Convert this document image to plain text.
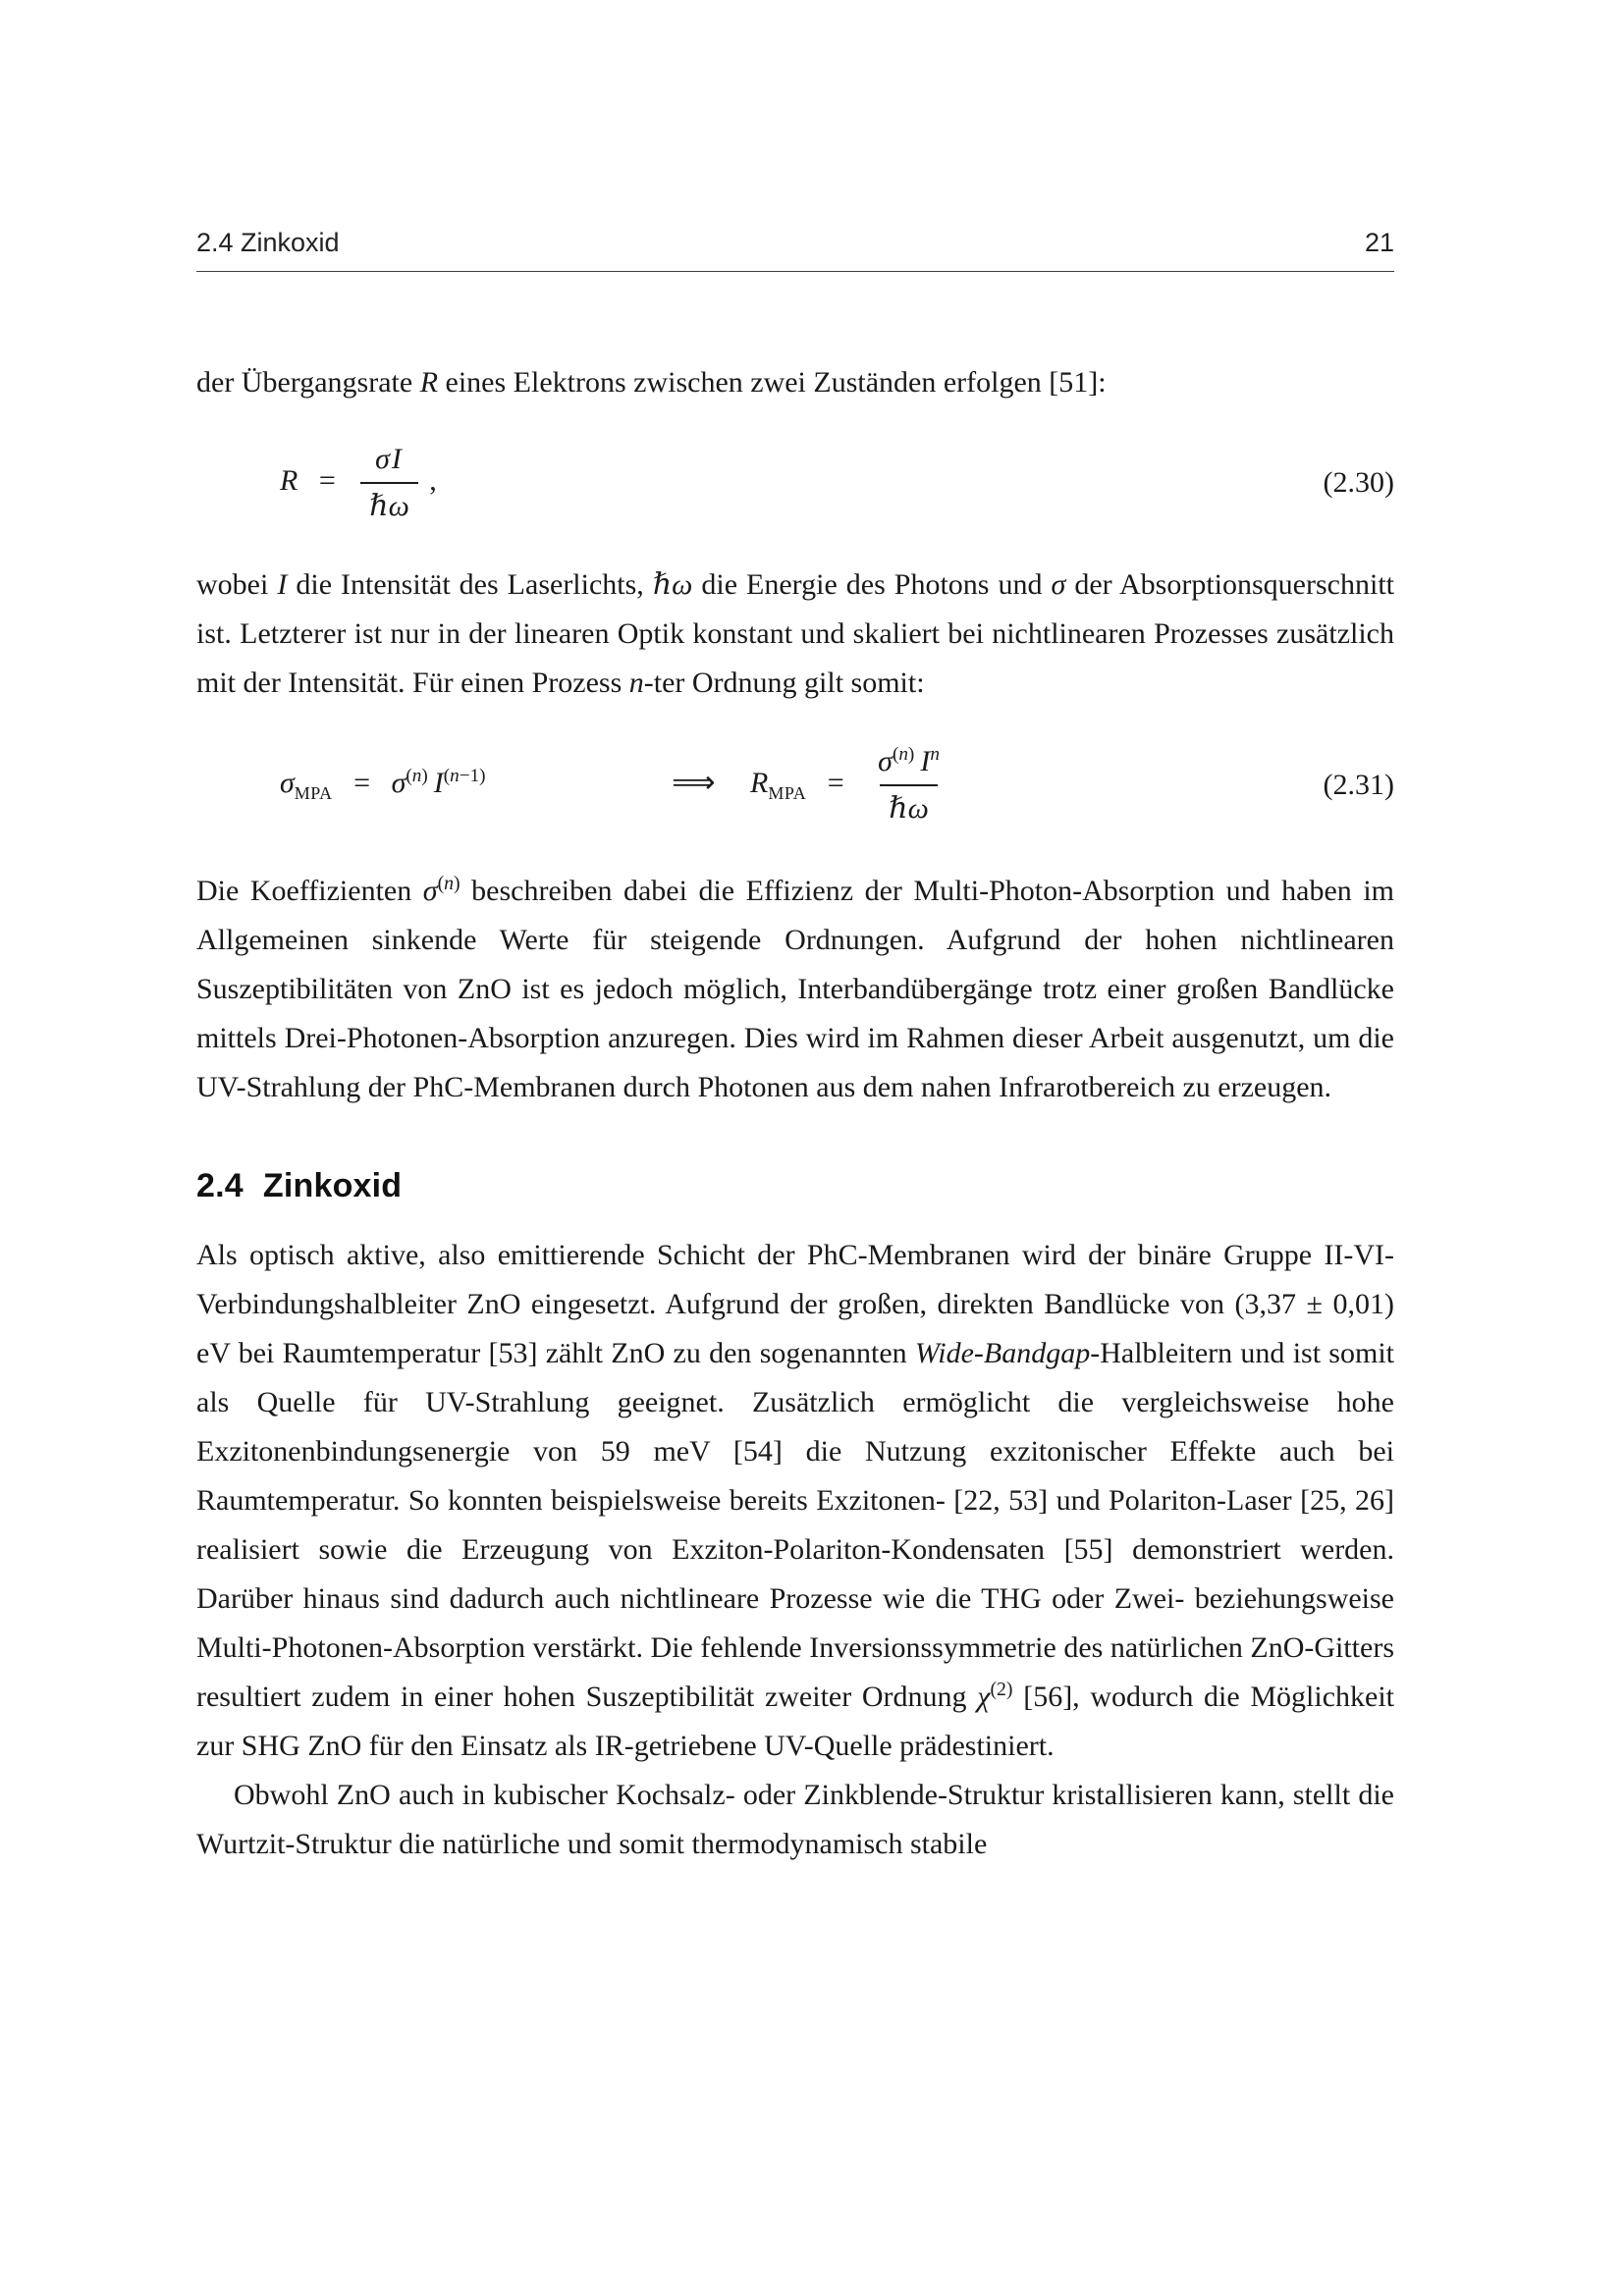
2.4 Zinkoxid	21

der Übergangsrate R eines Elektrons zwischen zwei Zuständen erfolgen [51]:

$R = \frac{\sigma I}{\text{ℏω}}$ ,	(2.30)

wobei I die Intensität des Laserlichts, ℏω die Energie des Photons und σ der Absorptionsquerschnitt ist. Letzterer ist nur in der linearen Optik konstant und skaliert bei nichtlinearen Prozesses zusätzlich mit der Intensität. Für einen Prozess n-ter Ordnung gilt somit:

$\sigma_{MPA} = \sigma^{(n)}$ $I^{(n-1)}$	⟹ $R_{MPA} = \frac{\sigma^{(n)} I^n}{\text{ℏω}}$	(2.31)

Die Koeffizienten $\sigma^{(n)}$ beschreiben dabei die Effizienz der Multi-Photon-Absorption und haben im Allgemeinen sinkende Werte für steigende Ordnungen. Aufgrund der hohen nichtlinearen Suszeptibilitäten von ZnO ist es jedoch möglich, Interbandübergänge trotz einer großen Bandlücke mittels Drei-Photonen-Absorption anzuregen. Dies wird im Rahmen dieser Arbeit ausgenutzt, um die UV-Strahlung der PhC-Membranen durch Photonen aus dem nahen Infrarotbereich zu erzeugen.

2.4 Zinkoxid

Als optisch aktive, also emittierende Schicht der PhC-Membranen wird der binäre Gruppe II-VI-Verbindungshalbleiter ZnO eingesetzt. Aufgrund der großen, direkten Bandlücke von (3,37 ± 0,01) eV bei Raumtemperatur [53] zählt ZnO zu den sogenannten Wide-Bandgap-Halbleitern und ist somit als Quelle für UV-Strahlung geeignet. Zusätzlich ermöglicht die vergleichsweise hohe Exzitonenbindungsenergie von 59 meV [54] die Nutzung exzitonischer Effekte auch bei Raumtemperatur. So konnten beispielsweise bereits Exzitonen- [22, 53] und Polariton-Laser [25, 26] realisiert sowie die Erzeugung von Exziton-Polariton-Kondensaten [55] demonstriert werden. Darüber hinaus sind dadurch auch nichtlineare Prozesse wie die THG oder Zwei- beziehungsweise Multi-Photonen-Absorption verstärkt. Die fehlende Inversionssymmetrie des natürlichen ZnO-Gitters resultiert zudem in einer hohen Suszeptibilität zweiter Ordnung $\chi^{(2)}$ [56], wodurch die Möglichkeit zur SHG ZnO für den Einsatz als IR-getriebene UV-Quelle prädestiniert.

Obwohl ZnO auch in kubischer Kochsalz- oder Zinkblende-Struktur kristallisieren kann, stellt die Wurtzit-Struktur die natürliche und somit thermodynamisch stabile
